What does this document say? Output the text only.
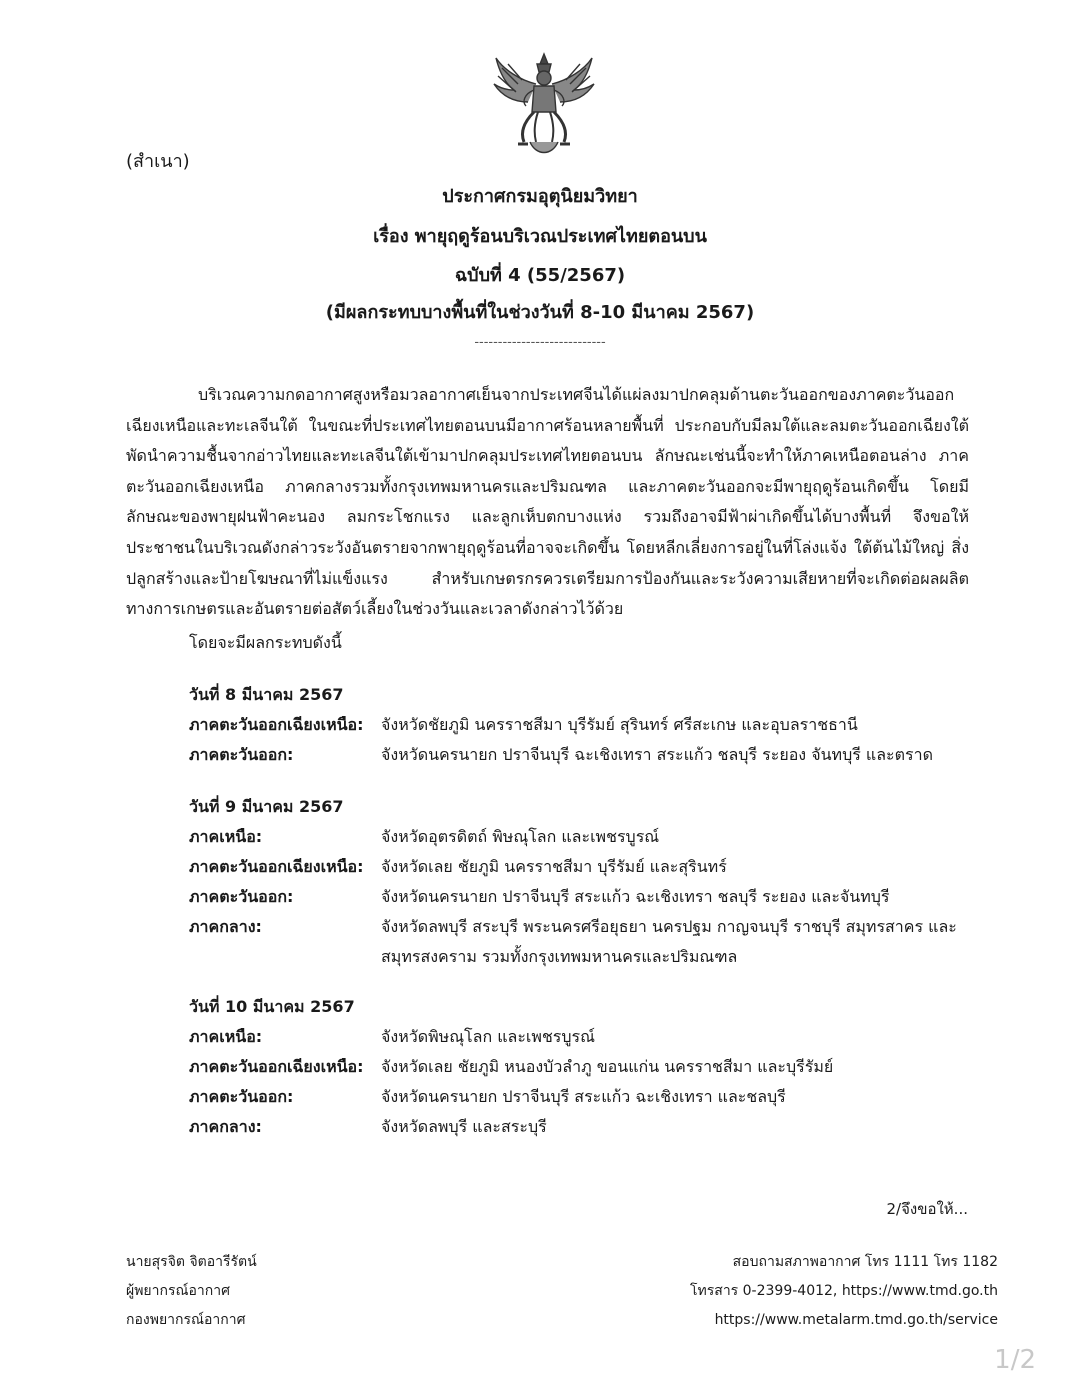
(สำเนา)
ประกาศกรมอุตุนิยมวิทยา
เรื่อง พายุฤดูร้อนบริเวณประเทศไทยตอนบน
ฉบับที่ 4 (55/2567)
(มีผลกระทบบางพื้นที่ในช่วงวันที่ 8-10 มีนาคม 2567)
----------------------------

บริเวณความกดอากาศสูงหรือมวลอากาศเย็นจากประเทศจีนได้แผ่ลงมาปกคลุมด้านตะวันออกของภาคตะวันออกเฉียงเหนือและทะเลจีนใต้ ในขณะที่ประเทศไทยตอนบนมีอากาศร้อนหลายพื้นที่ ประกอบกับมีลมใต้และลมตะวันออกเฉียงใต้พัดนำความชื้นจากอ่าวไทยและทะเลจีนใต้เข้ามาปกคลุมประเทศไทยตอนบน ลักษณะเช่นนี้จะทำให้ภาคเหนือตอนล่าง ภาคตะวันออกเฉียงเหนือ ภาคกลางรวมทั้งกรุงเทพมหานครและปริมณฑล และภาคตะวันออกจะมีพายุฤดูร้อนเกิดขึ้น โดยมีลักษณะของพายุฝนฟ้าคะนอง ลมกระโชกแรง และลูกเห็บตกบางแห่ง รวมถึงอาจมีฟ้าผ่าเกิดขึ้นได้บางพื้นที่ จึงขอให้ประชาชนในบริเวณดังกล่าวระวังอันตรายจากพายุฤดูร้อนที่อาจจะเกิดขึ้น โดยหลีกเลี่ยงการอยู่ในที่โล่งแจ้ง ใต้ต้นไม้ใหญ่ สิ่งปลูกสร้างและป้ายโฆษณาที่ไม่แข็งแรง สำหรับเกษตรกรควรเตรียมการป้องกันและระวังความเสียหายที่จะเกิดต่อผลผลิตทางการเกษตรและอันตรายต่อสัตว์เลี้ยงในช่วงวันและเวลาดังกล่าวไว้ด้วย

โดยจะมีผลกระทบดังนี้
วันที่ 8 มีนาคม 2567
ภาคตะวันออกเฉียงเหนือ:	จังหวัดชัยภูมิ นครราชสีมา บุรีรัมย์ สุรินทร์ ศรีสะเกษ และอุบลราชธานี
ภาคตะวันออก:	จังหวัดนครนายก ปราจีนบุรี ฉะเชิงเทรา สระแก้ว ชลบุรี ระยอง จันทบุรี และตราด
วันที่ 9 มีนาคม 2567
ภาคเหนือ:	จังหวัดอุตรดิตถ์ พิษณุโลก และเพชรบูรณ์
ภาคตะวันออกเฉียงเหนือ:	จังหวัดเลย ชัยภูมิ นครราชสีมา บุรีรัมย์ และสุรินทร์
ภาคตะวันออก:	จังหวัดนครนายก ปราจีนบุรี สระแก้ว ฉะเชิงเทรา ชลบุรี ระยอง และจันทบุรี
ภาคกลาง:	จังหวัดลพบุรี สระบุรี พระนครศรีอยุธยา นครปฐม กาญจนบุรี ราชบุรี สมุทรสาคร และสมุทรสงคราม รวมทั้งกรุงเทพมหานครและปริมณฑล
วันที่ 10 มีนาคม 2567
ภาคเหนือ:	จังหวัดพิษณุโลก และเพชรบูรณ์
ภาคตะวันออกเฉียงเหนือ:	จังหวัดเลย ชัยภูมิ หนองบัวลำภู ขอนแก่น นครราชสีมา และบุรีรัมย์
ภาคตะวันออก:	จังหวัดนครนายก ปราจีนบุรี สระแก้ว ฉะเชิงเทรา และชลบุรี
ภาคกลาง:	จังหวัดลพบุรี และสระบุรี
2/จึงขอให้...
นายสุรจิต จิตอารีรัตน์
ผู้พยากรณ์อากาศ
กองพยากรณ์อากาศ
สอบถามสภาพอากาศ โทร 1111 โทร 1182
โทรสาร 0-2399-4012, https://www.tmd.go.th
https://www.metalarm.tmd.go.th/service
1/2
